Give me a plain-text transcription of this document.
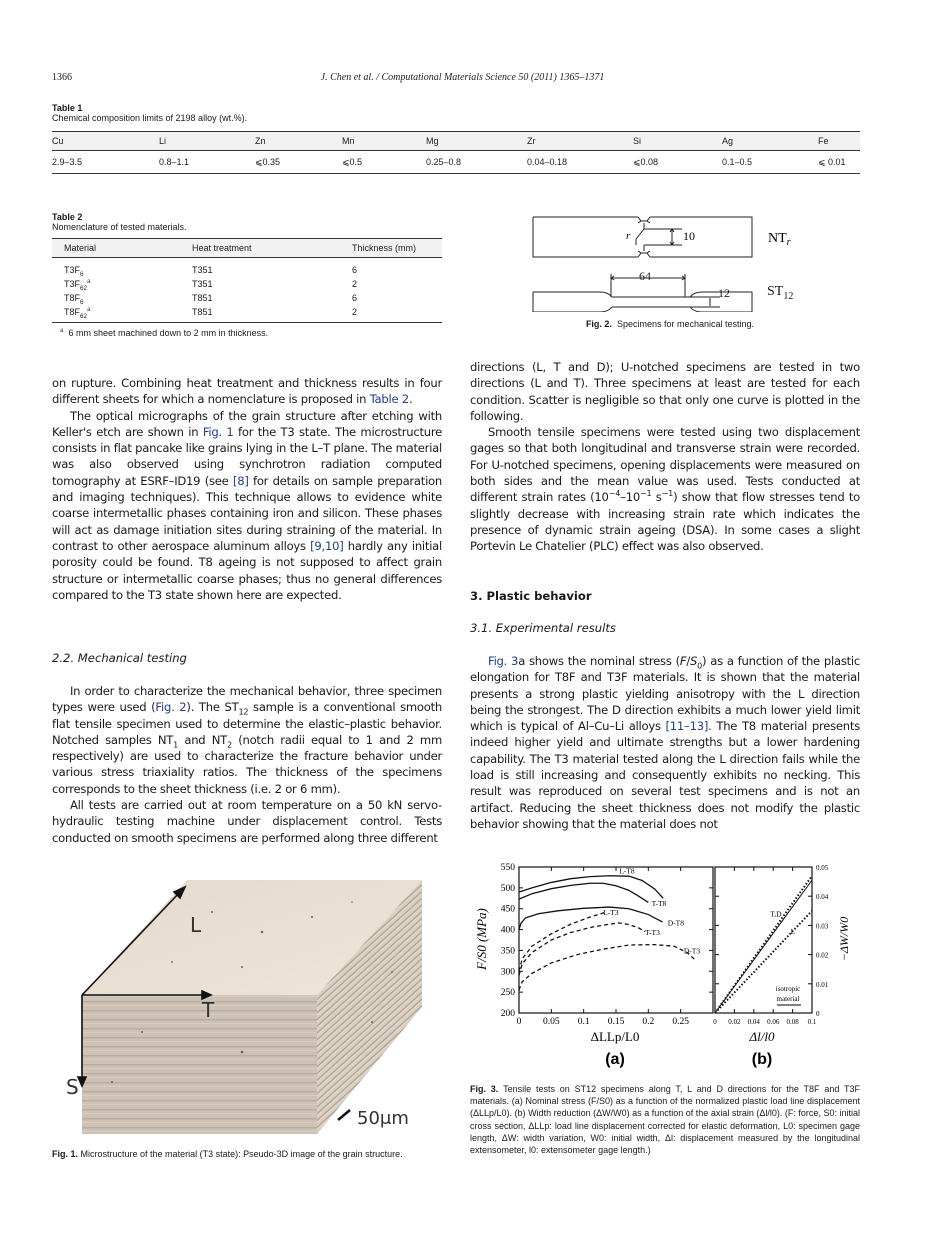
1366	J. Chen et al. / Computational Materials Science 50 (2011) 1365–1371
Table 1
Chemical composition limits of 2198 alloy (wt.%).
Cu	Li	Zn	Mn	Mg	Zr	Si	Ag	Fe
2.9–3.5	0.8–1.1	⩽0.35	⩽0.5	0.25–0.8	0.04–0.18	⩽0.08	0.1–0.5	⩽ 0.01
Table 2
Nomenclature of tested materials.
Material	Heat treatment	Thickness (mm)
$T3F_6$	T351	6
$T3F_{62}^a$	T351	2
$T8F_6$	T851	6
$T8F_{62}^a$	T851	2
$^a$ 6 mm sheet machined down to 2 mm in thickness.
r	10	$NT_r$
64
12	$ST_{12}$
Fig. 2. Specimens for mechanical testing.

on rupture. Combining heat treatment and thickness results in four different sheets for which a nomenclature is proposed in Table 2.

The optical micrographs of the grain structure after etching with Keller's etch are shown in Fig. 1 for the T3 state. The microstructure consists in flat pancake like grains lying in the L–T plane. The material was also observed using synchrotron radiation computed tomography at ESRF–ID19 (see [8] for details on sample preparation and imaging techniques). This technique allows to evidence white coarse intermetallic phases containing iron and silicon. These phases will act as damage initiation sites during straining of the material. In contrast to other aerospace aluminum alloys [9,10] hardly any initial porosity could be found. T8 ageing is not supposed to affect grain structure or intermetallic coarse phases; thus no general differences compared to the T3 state shown here are expected.

2.2. Mechanical testing

In order to characterize the mechanical behavior, three specimen types were used (Fig. 2). The $ST_{12}$ sample is a conventional smooth flat tensile specimen used to determine the elastic–plastic behavior. Notched samples $NT_1$ and $NT_2$ (notch radii equal to 1 and 2 mm respectively) are used to characterize the fracture behavior under various stress triaxiality ratios. The thickness of the specimens corresponds to the sheet thickness (i.e. 2 or 6 mm).

All tests are carried out at room temperature on a 50 kN servo-hydraulic testing machine under displacement control. Tests conducted on smooth specimens are performed along three different

directions (L, T and D); U-notched specimens are tested in two directions (L and T). Three specimens at least are tested for each condition. Scatter is negligible so that only one curve is plotted in the following.

Smooth tensile specimens were tested using two displacement gages so that both longitudinal and transverse strain were recorded. For U-notched specimens, opening displacements were measured on both sides and the mean value was used. Tests conducted at different strain rates ($10^{-4}-10^{-1}$ $s^{-1}$) show that flow stresses tend to slightly decrease with increasing strain rate which indicates the presence of dynamic strain ageing (DSA). In some cases a slight Portevin Le Chatelier (PLC) effect was also observed.

3. Plastic behavior
3.1. Experimental results

Fig. 3a shows the nominal stress $(F/S_0)$ as a function of the plastic elongation for T8F and T3F materials. It is shown that the material presents a strong plastic yielding anisotropy with the L direction being the strongest. The D direction exhibits a much lower yield limit which is typical of Al–Cu–Li alloys [11–13]. The T8 material presents indeed higher yield and ultimate strengths but a lower hardening capability. The T3 material tested along the L direction fails while the load is still increasing and consequently exhibits no necking. This result was reproduced on several test specimens and is not an artifact. Reducing the sheet thickness does not modify the plastic behavior showing that the material does not

L
T
S
50μm
Fig. 1. Microstructure of the material (T3 state): Pseudo-3D image of the grain structure.
0 0.05 0.1 0.15 0.2 0.25
200
250
300
350
400
450
500
550	L-T8
T-T8
D-T8
L-T3
T-T3
D-T3
0 0.02 0.04 0.06 0.08 0.1
0
0.01
0.02
0.03
0.04
0.05
T,D
L
F/S0 (MPa)
ΔLLp/L0
(a)
Δl/l0
(b)
−ΔW/W0
isotropic
material
Fig. 3. Tensile tests on ST12 specimens along T, L and D directions for the T8F and T3F materials. (a) Nominal stress (F/S0) as a function of the normalized plastic load line displacement (ΔLLp/L0). (b) Width reduction (ΔW/W0) as a function of the axial strain (Δl/l0). (F: force, S0: initial cross section, ΔLLp: load line displacement corrected for elastic deformation, L0: specimen gage length, ΔW: width variation, W0: initial width, Δl: displacement measured by the longitudinal extensometer, l0: extensometer gage length.)
